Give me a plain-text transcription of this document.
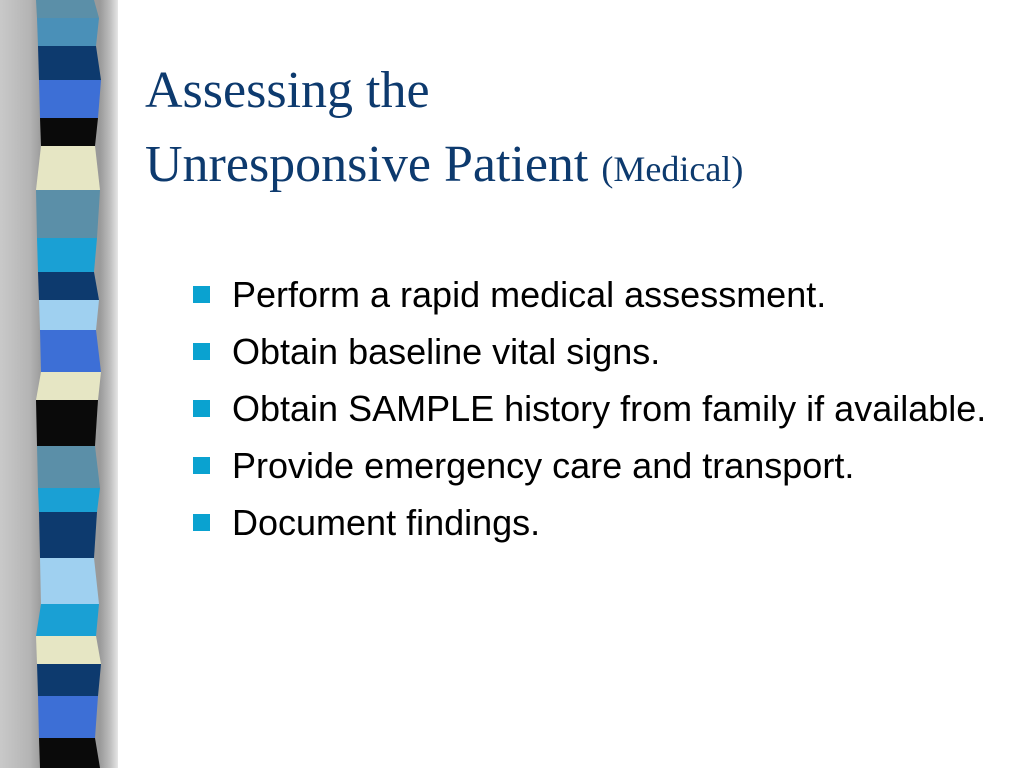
Assessing the
Unresponsive Patient (Medical)
Perform a rapid medical assessment.
Obtain baseline vital signs.
Obtain SAMPLE history from family if available.
Provide emergency care and transport.
Document findings.
